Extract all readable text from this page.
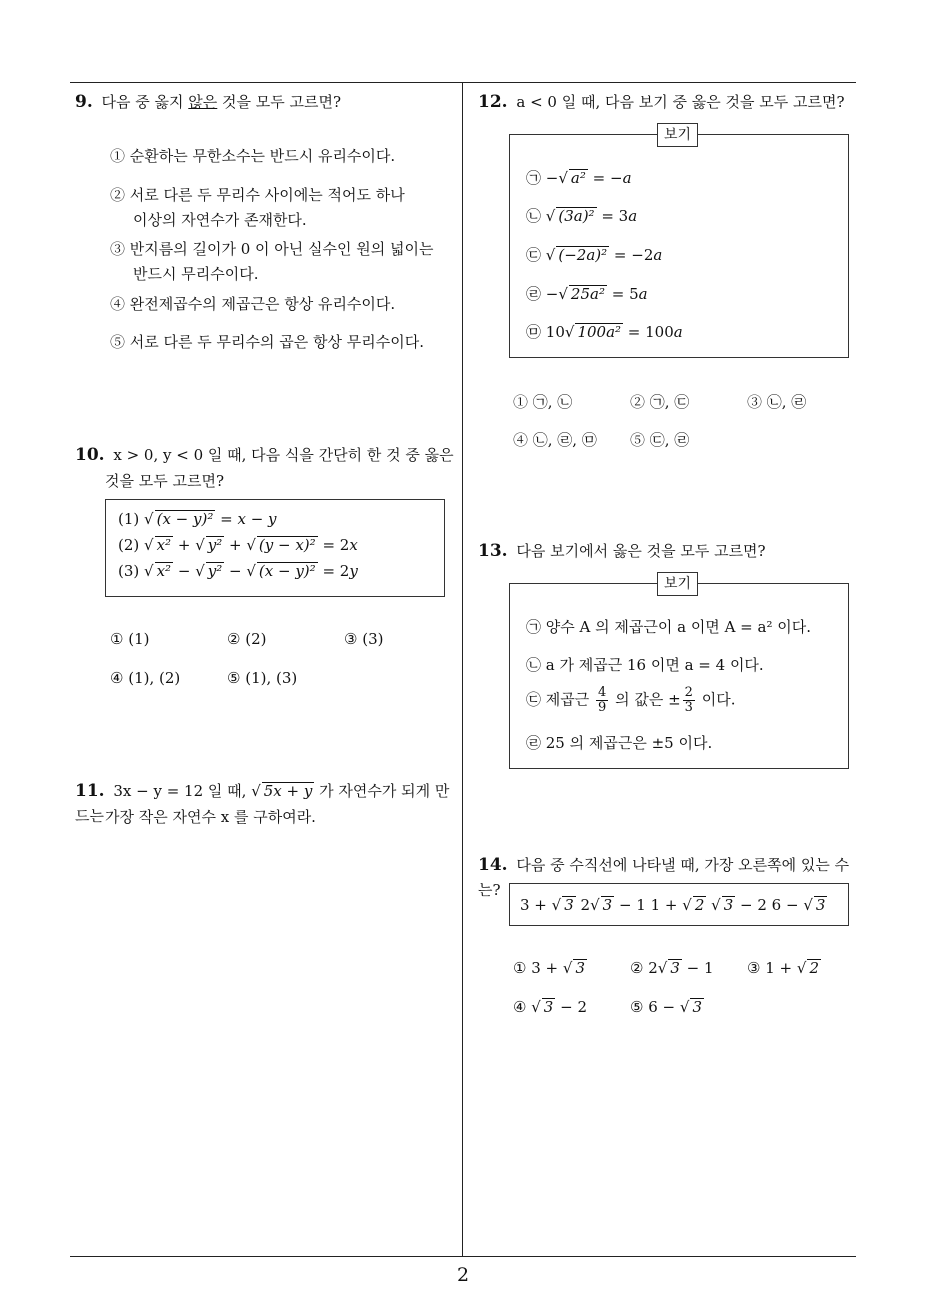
9. 다음 중 옳지 않은 것을 모두 고르면?
① 순환하는 무한소수는 반드시 유리수이다.
② 서로 다른 두 무리수 사이에는 적어도 하나
이상의 자연수가 존재한다.
③ 반지름의 길이가 0 이 아닌 실수인 원의 넓이는
반드시 무리수이다.
④ 완전제곱수의 제곱근은 항상 유리수이다.
⑤ 서로 다른 두 무리수의 곱은 항상 무리수이다.
10. x > 0, y < 0 일 때, 다음 식을 간단히 한 것 중 옳은
것을 모두 고르면?
(1) √ (x − y)² = x − y
(2) √ x² + √ y² + √ (y − x)² = 2x
(3) √ x² − √ y² − √ (x − y)² = 2y
① (1)	② (2)	③ (3)
④ (1), (2)	⑤ (1), (3)
11. 3x − y = 12 일 때, √ 5x + y 가 자연수가 되게 만드는 가장 작은 자연수 x 를 구하여라.
12. a < 0 일 때, 다음 보기 중 옳은 것을 모두 고르면?
㉠ −√ a² = −a
㉡ √ (3a)² = 3a
㉢ √ (−2a)² = −2a
㉣ −√ 25a² = 5a
㉤ 10√ 100a² = 100a
보기
① ㉠, ㉡	② ㉠, ㉢	③ ㉡, ㉣
④ ㉡, ㉣, ㉤ ⑤ ㉢, ㉣
13. 다음 보기에서 옳은 것을 모두 고르면?
㉠ 양수 A 의 제곱근이 a 이면 A = a² 이다.
㉡ a 가 제곱근 16 이면 a = 4 이다.
㉢ 제곱근 $\frac{4}{9}$ 의 값은 ± $\frac{2}{3}$ 이다.
㉣ 25 의 제곱근은 ±5 이다.
보기
14. 다음 중 수직선에 나타낼 때, 가장 오른쪽에 있는 수는?
3 + √ 3 2√ 3 − 1 1 + √ 2 √ 3 − 2 6 − √ 3
① 3 + √ 3	② 2√ 3 − 1 ③ 1 + √ 2
④ √ 3 − 2	⑤ 6 − √ 3
2
